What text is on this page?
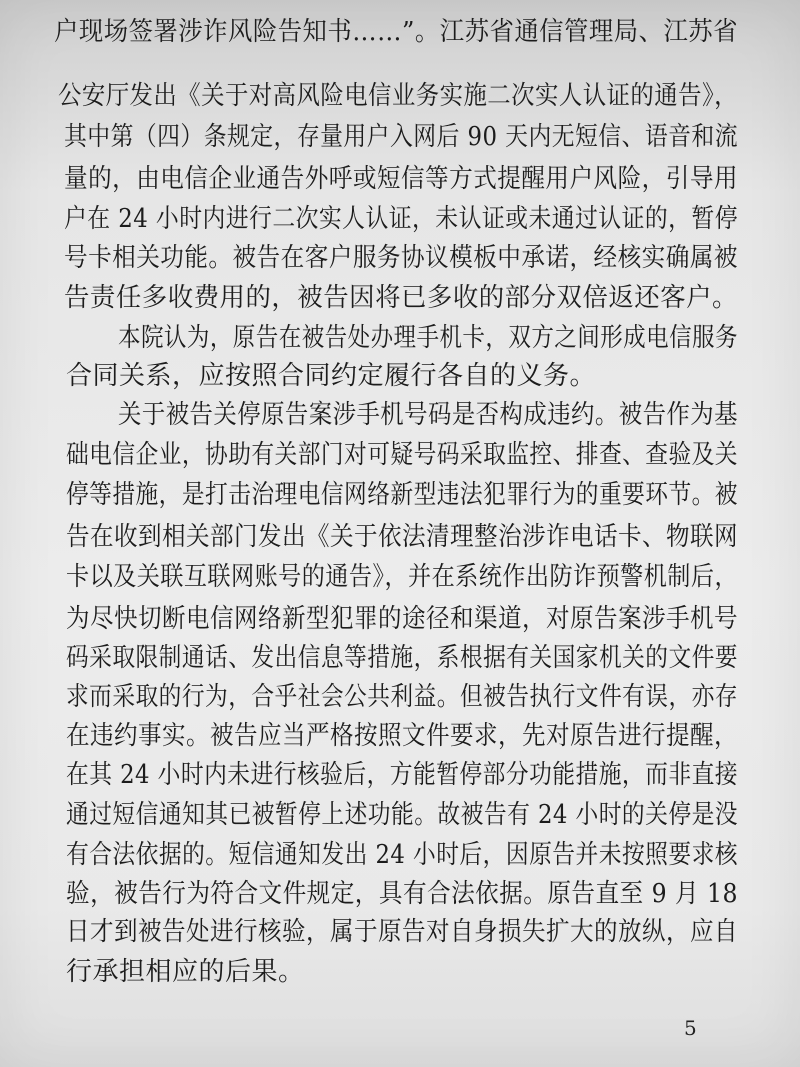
户现场签署涉诈风险告知书……”。江苏省通信管理局、江苏省
公安厅发出《关于对高风险电信业务实施二次实人认证的通告》，
其中第（四）条规定，存量用户入网后 90 天内无短信、语音和流
量的，由电信企业通告外呼或短信等方式提醒用户风险，引导用
户在 24 小时内进行二次实人认证，未认证或未通过认证的，暂停
号卡相关功能。被告在客户服务协议模板中承诺，经核实确属被
告责任多收费用的，被告因将已多收的部分双倍返还客户。
本院认为，原告在被告处办理手机卡，双方之间形成电信服务
合同关系，应按照合同约定履行各自的义务。
关于被告关停原告案涉手机号码是否构成违约。被告作为基
础电信企业，协助有关部门对可疑号码采取监控、排查、查验及关
停等措施，是打击治理电信网络新型违法犯罪行为的重要环节。被
告在收到相关部门发出《关于依法清理整治涉诈电话卡、物联网
卡以及关联互联网账号的通告》，并在系统作出防诈预警机制后，
为尽快切断电信网络新型犯罪的途径和渠道，对原告案涉手机号
码采取限制通话、发出信息等措施，系根据有关国家机关的文件要
求而采取的行为，合乎社会公共利益。但被告执行文件有误，亦存
在违约事实。被告应当严格按照文件要求，先对原告进行提醒，
在其 24 小时内未进行核验后，方能暂停部分功能措施，而非直接
通过短信通知其已被暂停上述功能。故被告有 24 小时的关停是没
有合法依据的。短信通知发出 24 小时后，因原告并未按照要求核
验，被告行为符合文件规定，具有合法依据。原告直至 9 月 18
日才到被告处进行核验，属于原告对自身损失扩大的放纵，应自
行承担相应的后果。
5
